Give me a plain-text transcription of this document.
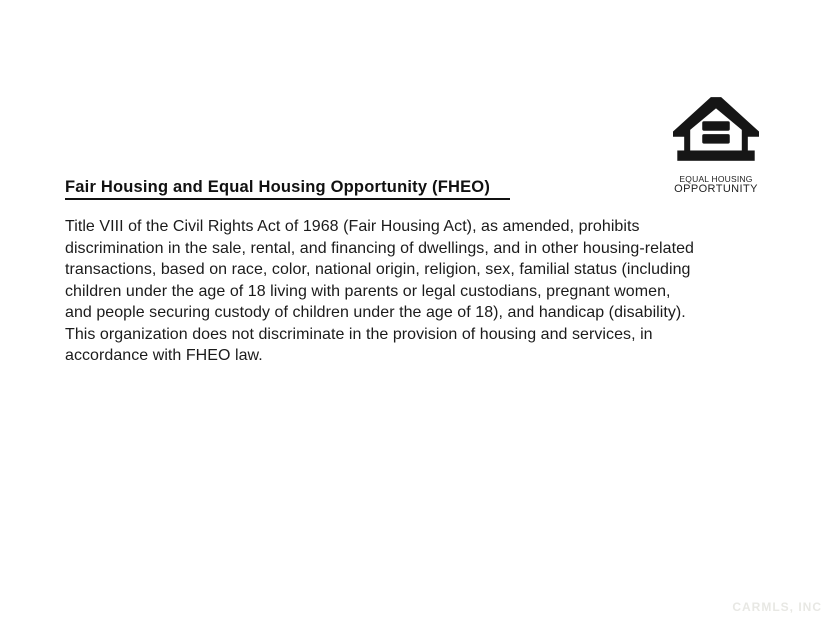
EQUAL HOUSING
OPPORTUNITY
Fair Housing and Equal Housing Opportunity (FHEO)
Title VIII of the Civil Rights Act of 1968 (Fair Housing Act), as amended, prohibits
discrimination in the sale, rental, and financing of dwellings, and in other housing-related
transactions, based on race, color, national origin, religion, sex, familial status (including
children under the age of 18 living with parents or legal custodians, pregnant women,
and people securing custody of children under the age of 18), and handicap (disability).
This organization does not discriminate in the provision of housing and services, in
accordance with FHEO law.
CARMLS, INC
